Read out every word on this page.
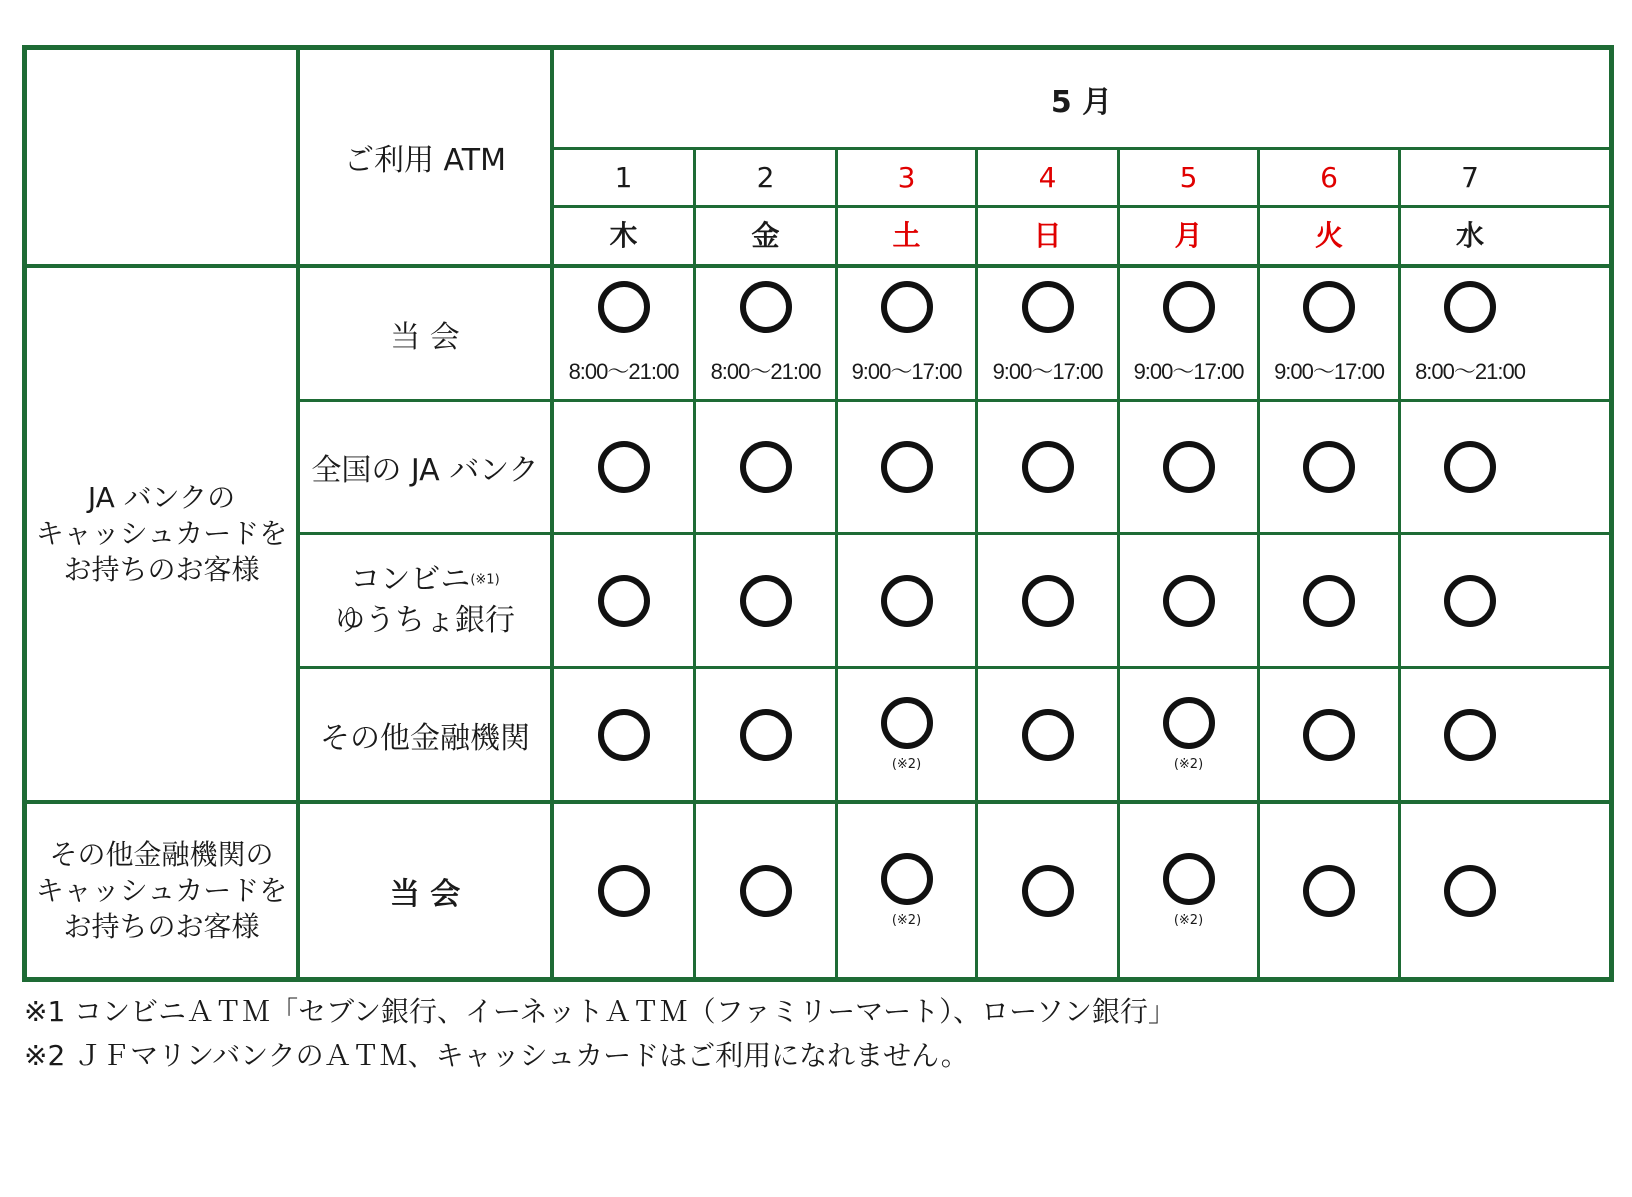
ご利用 ATM
5 月
1
木
2
金
3
土
4
日
5
月
6
火
7
水
JA バンクの
キャッシュカードを
お持ちのお客様
その他金融機関の
キャッシュカードを
お持ちのお客様
当 会
全国の JA バンク
コンビニ(※1)
ゆうちょ銀行
その他金融機関
当 会
8:00～21:00 8:00～21:00 9:00～17:00 9:00～17:00 9:00～17:00 9:00～17:00 8:00～21:00
(※2)	(※2)
(※2)	(※2)
※1 コンビニＡＴＭ「セブン銀行、イーネットＡＴＭ（ファミリーマート）、ローソン銀行」
※2 ＪＦマリンバンクのＡＴＭ、キャッシュカードはご利用になれません。
